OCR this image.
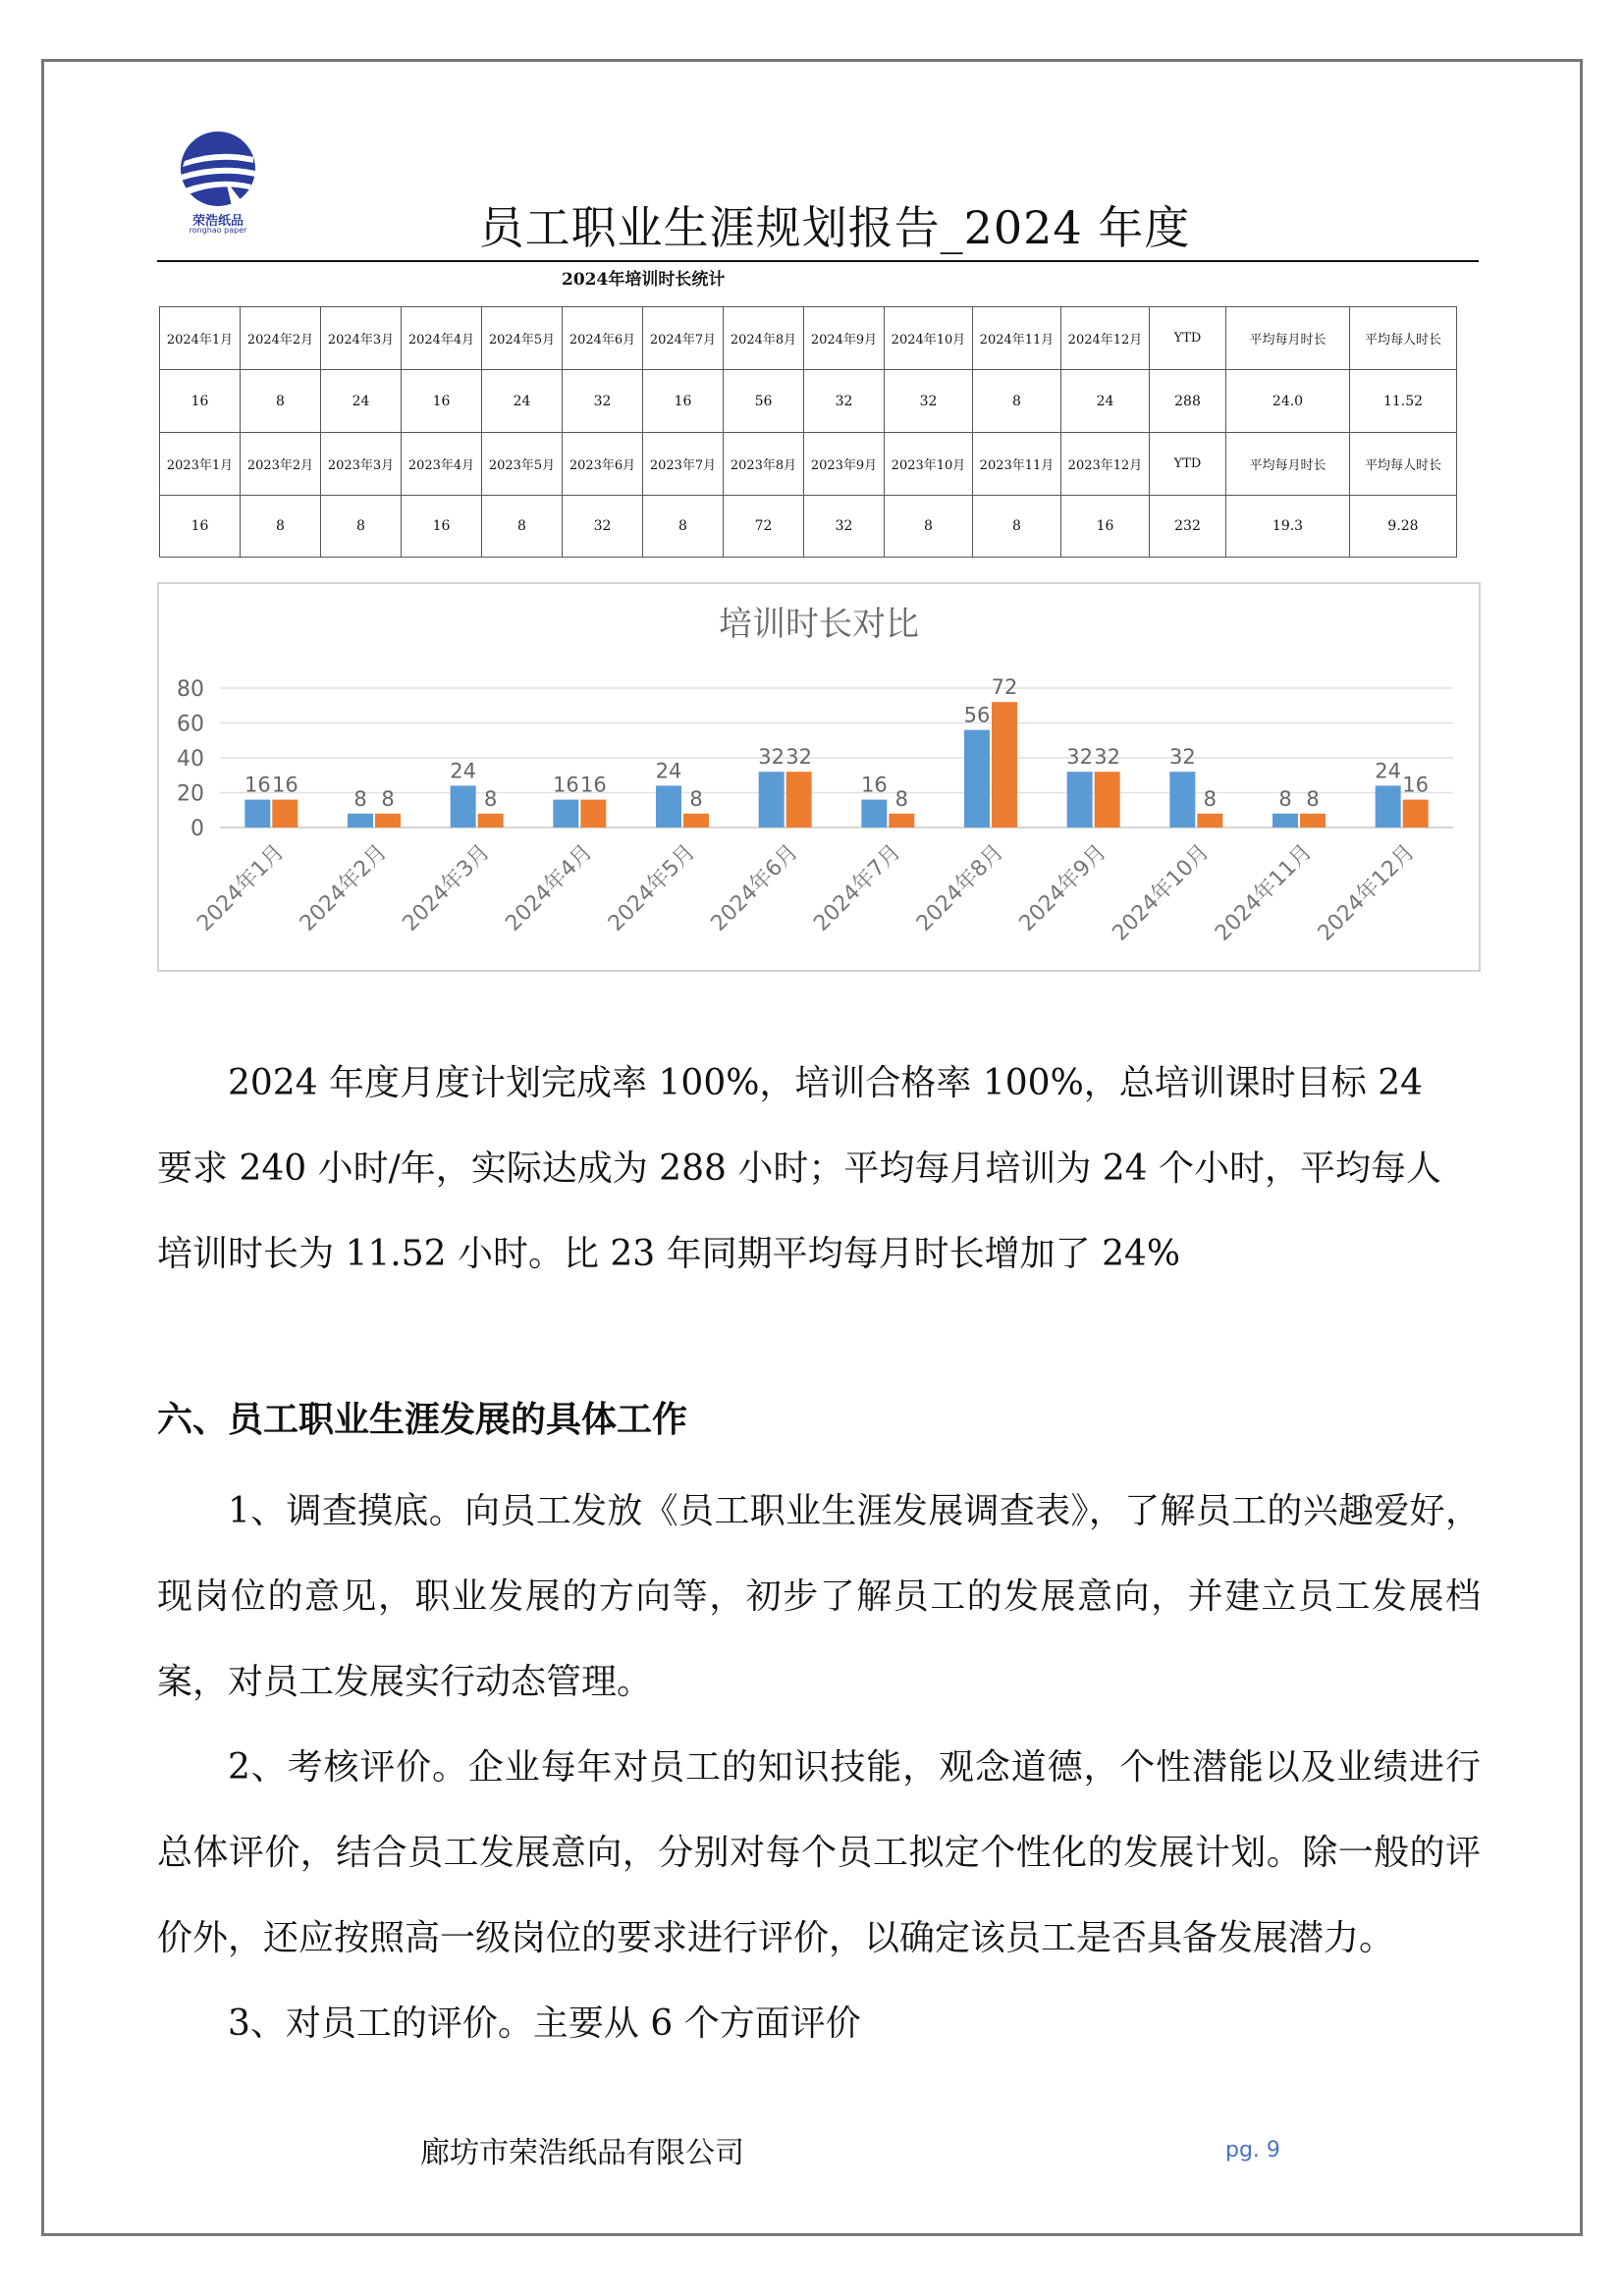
荣浩纸品
ronghao paper	员工职业生涯规划报告_2024 年度
2024年培训时长统计
2024年1月	2024年2月	2024年3月	2024年4月	2024年5月	2024年6月	2024年7月	2024年8月	2024年9月	2024年10月	2024年11月	2024年12月	YTD	平均每月时长	平均每人时长
16	8	24	16	24	32	16	56	32	32	8	24	288	24.0	11.52
2023年1月	2023年2月	2023年3月	2023年4月	2023年5月	2023年6月	2023年7月	2023年8月	2023年9月	2023年10月	2023年11月	2023年12月	YTD	平均每月时长	平均每人时长
16	8	8	16	8	32	8	72	32	8	8	16	232	19.3	9.28
培训时长对比
0
20
40
60
80
16 16
2024年1月
8 8
2024年2月
24
8
2024年3月
16 16
2024年4月
24
8
2024年5月
32 32
2024年6月
16
8
2024年7月
56
72
2024年8月
32 32
2024年9月
32
8
2024年10月
8 8
2024年11月
24
16
2024年12月

2024 年度月度计划完成率 100%，培训合格率 100%，总培训课时目标 24

要求 240 小时/年，实际达成为 288 小时；平均每月培训为 24 个小时，平均每人

培训时长为 11.52 小时。比 23 年同期平均每月时长增加了 24%

六、员工职业生涯发展的具体工作

1、调查摸底。向员工发放《员工职业生涯发展调查表》，了解员工的兴趣爱好，现岗位的意见，职业发展的方向等，初步了解员工的发展意向，并建立员工发展档案，对员工发展实行动态管理。

2、考核评价。企业每年对员工的知识技能，观念道德，个性潜能以及业绩进行总体评价，结合员工发展意向，分别对每个员工拟定个性化的发展计划。除一般的评价外，还应按照高一级岗位的要求进行评价，以确定该员工是否具备发展潜力。

3、对员工的评价。主要从 6 个方面评价

廊坊市荣浩纸品有限公司	pg. 9
